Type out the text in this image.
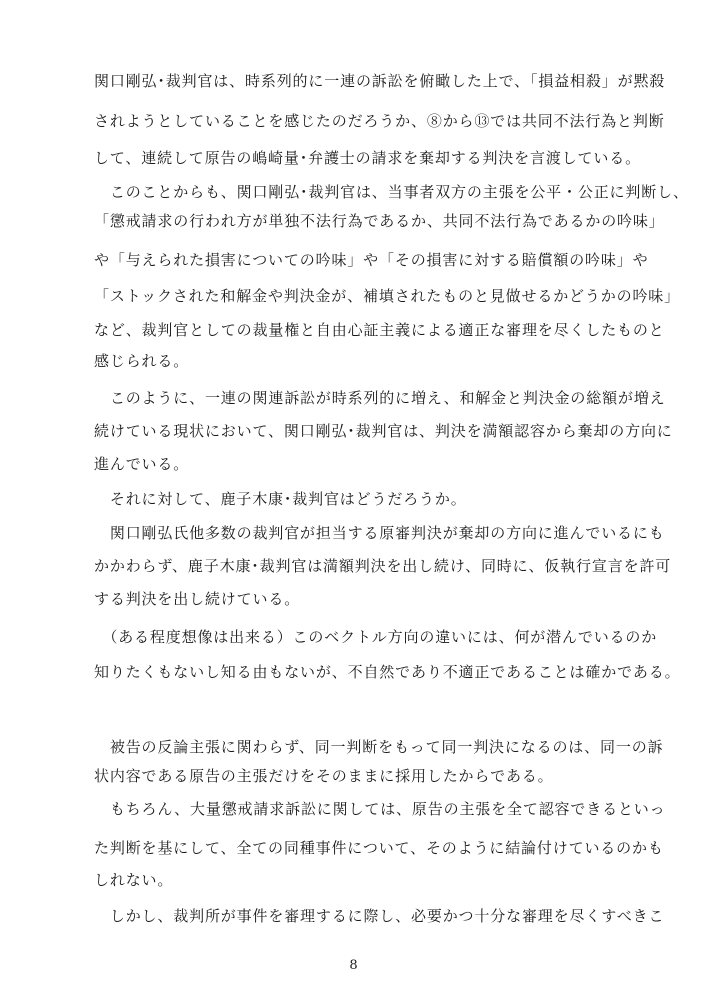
関口剛弘･裁判官は、時系列的に一連の訴訟を俯瞰した上で、「損益相殺」が黙殺
されようとしていることを感じたのだろうか、⑧から⑬では共同不法行為と判断
して、連続して原告の嶋崎量･弁護士の請求を棄却する判決を言渡している。
　このことからも、関口剛弘･裁判官は、当事者双方の主張を公平・公正に判断し、
「懲戒請求の行われ方が単独不法行為であるか、共同不法行為であるかの吟味」
や「与えられた損害についての吟味」や「その損害に対する賠償額の吟味」や
「ストックされた和解金や判決金が、補填されたものと見做せるかどうかの吟味」
など、裁判官としての裁量権と自由心証主義による適正な審理を尽くしたものと
感じられる。
　このように、一連の関連訴訟が時系列的に増え、和解金と判決金の総額が増え
続けている現状において、関口剛弘･裁判官は、判決を満額認容から棄却の方向に
進んでいる。
　それに対して、鹿子木康･裁判官はどうだろうか。
　関口剛弘氏他多数の裁判官が担当する原審判決が棄却の方向に進んでいるにも
かかわらず、鹿子木康･裁判官は満額判決を出し続け、同時に、仮執行宣言を許可
する判決を出し続けている。
　（ある程度想像は出来る）このベクトル方向の違いには、何が潜んでいるのか
知りたくもないし知る由もないが、不自然であり不適正であることは確かである。
　被告の反論主張に関わらず、同一判断をもって同一判決になるのは、同一の訴
状内容である原告の主張だけをそのままに採用したからである。
　もちろん、大量懲戒請求訴訟に関しては、原告の主張を全て認容できるといっ
た判断を基にして、全ての同種事件について、そのように結論付けているのかも
しれない。
　しかし、裁判所が事件を審理するに際し、必要かつ十分な審理を尽くすべきこ
8
